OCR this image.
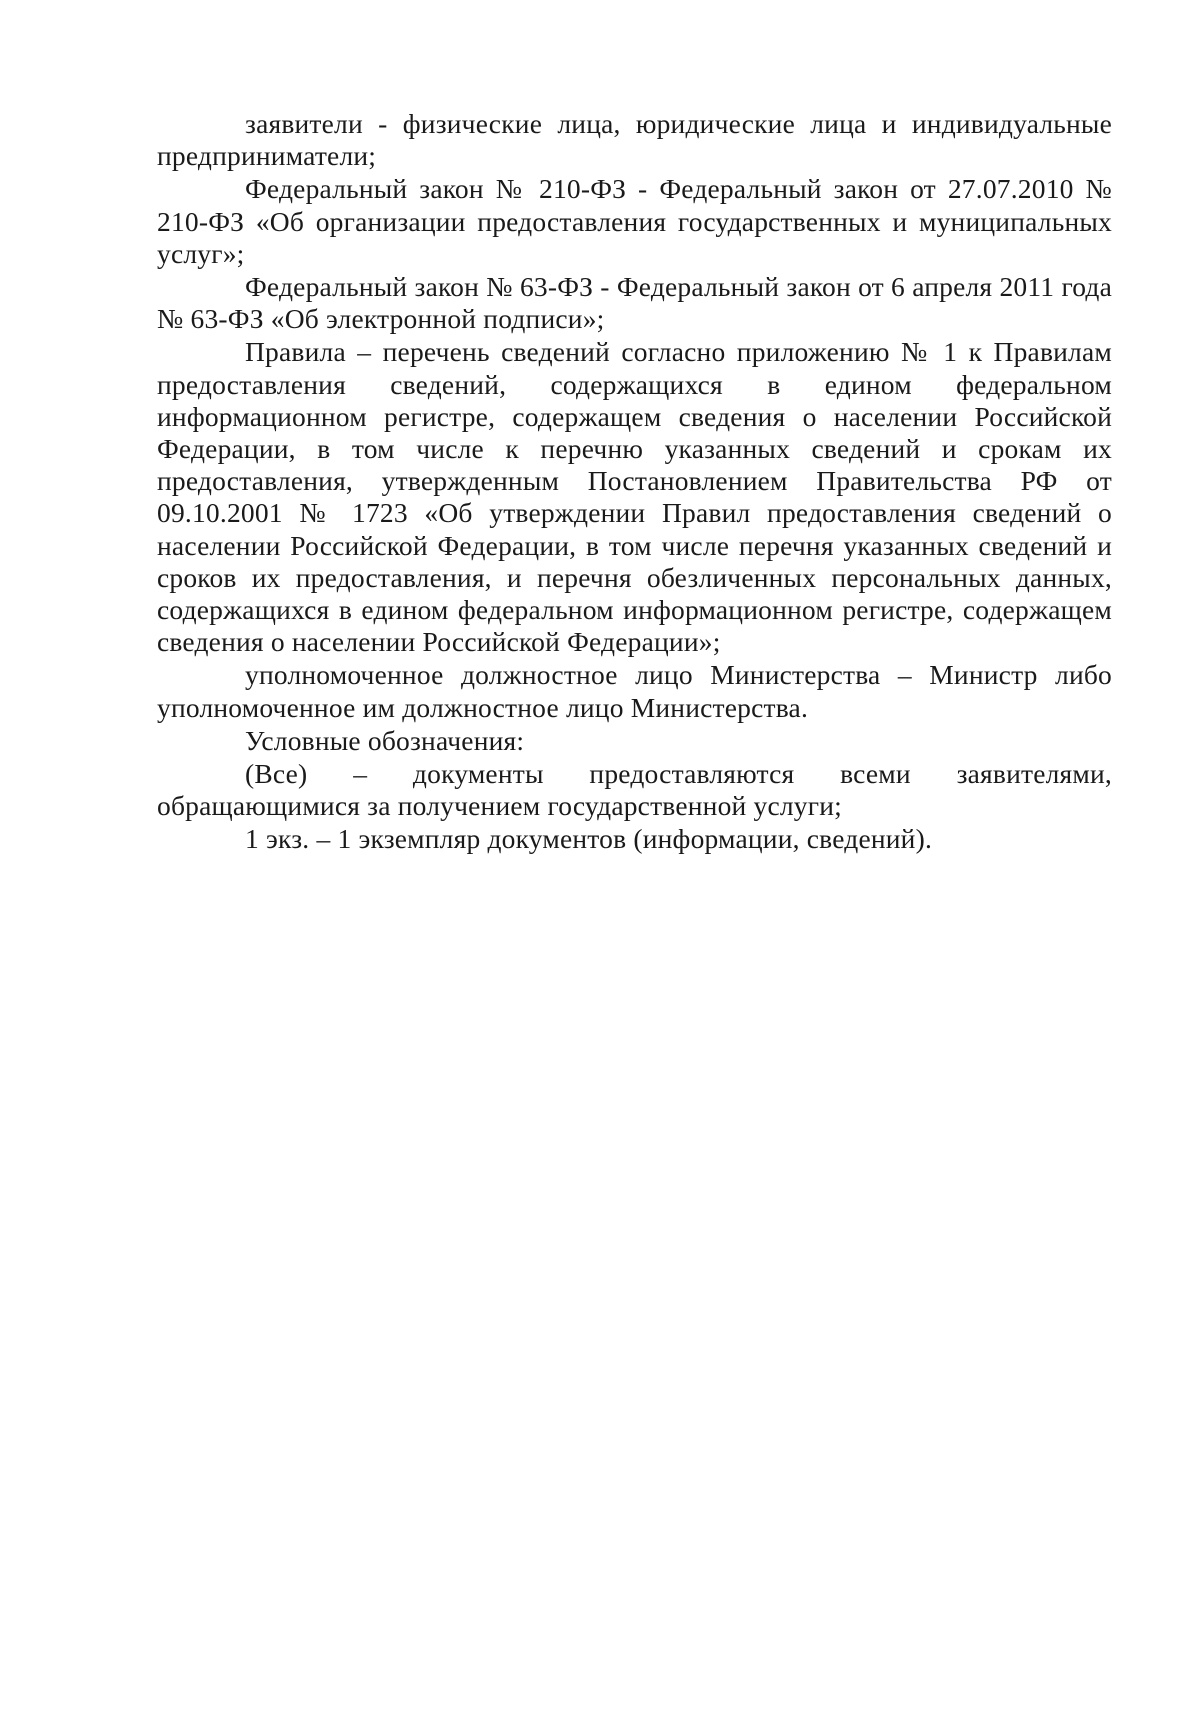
заявители - физические лица, юридические лица и индивидуальные предприниматели;

Федеральный закон № 210-ФЗ - Федеральный закон от 27.07.2010 № 210-ФЗ «Об организации предоставления государственных и муниципальных услуг»;

Федеральный закон № 63-ФЗ - Федеральный закон от 6 апреля 2011 года № 63-ФЗ «Об электронной подписи»;

Правила – перечень сведений согласно приложению № 1 к Правилам предоставления сведений, содержащихся в едином федеральном информационном регистре, содержащем сведения о населении Российской Федерации, в том числе к перечню указанных сведений и срокам их предоставления, утвержденным Постановлением Правительства РФ от 09.10.2001 № 1723 «Об утверждении Правил предоставления сведений о населении Российской Федерации, в том числе перечня указанных сведений и сроков их предоставления, и перечня обезличенных персональных данных, содержащихся в едином федеральном информационном регистре, содержащем сведения о населении Российской Федерации»;

уполномоченное должностное лицо Министерства – Министр либо уполномоченное им должностное лицо Министерства.

Условные обозначения:

(Все) – документы предоставляются всеми заявителями, обращающимися за получением государственной услуги;

1 экз. – 1 экземпляр документов (информации, сведений).
